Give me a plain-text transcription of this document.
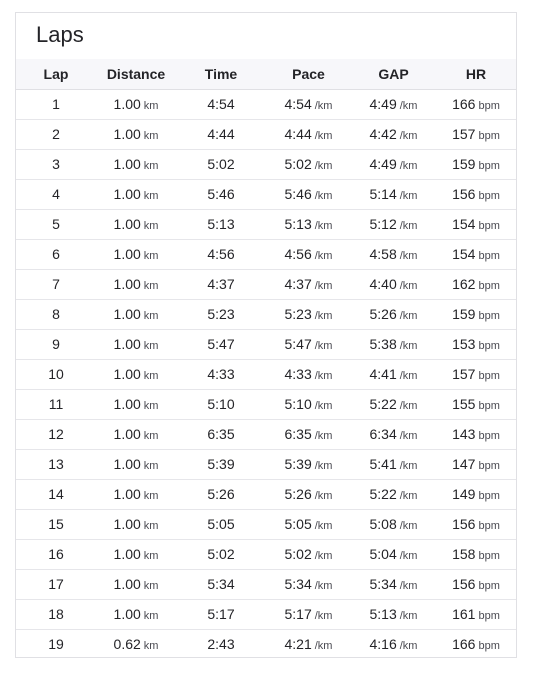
Laps
Lap	Distance	Time	Pace	GAP	HR
1	1.00 km	4:54	4:54 /km	4:49 /km	166 bpm
2	1.00 km	4:44	4:44 /km	4:42 /km	157 bpm
3	1.00 km	5:02	5:02 /km	4:49 /km	159 bpm
4	1.00 km	5:46	5:46 /km	5:14 /km	156 bpm
5	1.00 km	5:13	5:13 /km	5:12 /km	154 bpm
6	1.00 km	4:56	4:56 /km	4:58 /km	154 bpm
7	1.00 km	4:37	4:37 /km	4:40 /km	162 bpm
8	1.00 km	5:23	5:23 /km	5:26 /km	159 bpm
9	1.00 km	5:47	5:47 /km	5:38 /km	153 bpm
10	1.00 km	4:33	4:33 /km	4:41 /km	157 bpm
11	1.00 km	5:10	5:10 /km	5:22 /km	155 bpm
12	1.00 km	6:35	6:35 /km	6:34 /km	143 bpm
13	1.00 km	5:39	5:39 /km	5:41 /km	147 bpm
14	1.00 km	5:26	5:26 /km	5:22 /km	149 bpm
15	1.00 km	5:05	5:05 /km	5:08 /km	156 bpm
16	1.00 km	5:02	5:02 /km	5:04 /km	158 bpm
17	1.00 km	5:34	5:34 /km	5:34 /km	156 bpm
18	1.00 km	5:17	5:17 /km	5:13 /km	161 bpm
19	0.62 km	2:43	4:21 /km	4:16 /km	166 bpm
